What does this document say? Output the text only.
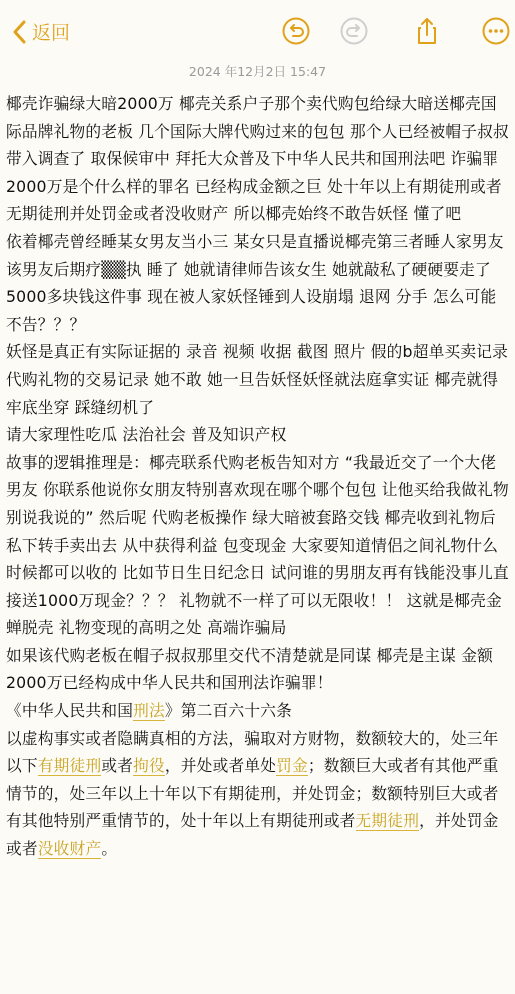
返回
2024 年12月2日 15:47

椰壳诈骗绿大暗2000万 椰壳关系户子那个卖代购包给绿大暗送椰壳国际品牌礼物的老板 几个国际大牌代购过来的包包 那个人已经被帽子叔叔带入调查了 取保候审中 拜托大众普及下中华人民共和国刑法吧 诈骗罪2000万是个什么样的罪名 已经构成金额之巨 处十年以上有期徒刑或者无期徒刑并处罚金或者没收财产 所以椰壳始终不敢告妖怪 懂了吧

依着椰壳曾经睡某女男友当小三 某女只是直播说椰壳第三者睡人家男友 该男友后期疗▒▒执 睡了 她就请律师告该女生 她就敲私了硬硬要走了5000多块钱这件事 现在被人家妖怪锤到人设崩塌 退网 分手 怎么可能不告？？？

妖怪是真正有实际证据的 录音 视频 收据 截图 照片 假的b超单买卖记录 代购礼物的交易记录 她不敢 她一旦告妖怪妖怪就法庭拿实证 椰壳就得牢底坐穿 踩缝纫机了

请大家理性吃瓜 法治社会 普及知识产权

故事的逻辑推理是：椰壳联系代购老板告知对方 “我最近交了一个大佬男友 你联系他说你女朋友特别喜欢现在哪个哪个包包 让他买给我做礼物 别说我说的” 然后呢 代购老板操作 绿大暗被套路交钱 椰壳收到礼物后私下转手卖出去 从中获得利益 包变现金 大家要知道情侣之间礼物什么时候都可以收的 比如节日生日纪念日 试问谁的男朋友再有钱能没事儿直接送1000万现金？？？ 礼物就不一样了可以无限收！！ 这就是椰壳金蝉脱壳 礼物变现的高明之处 高端诈骗局

如果该代购老板在帽子叔叔那里交代不清楚就是同谋 椰壳是主谋 金额2000万已经构成中华人民共和国刑法诈骗罪！

《中华人民共和国刑法》第二百六十六条

以虚构事实或者隐瞒真相的方法，骗取对方财物，数额较大的，处三年以下有期徒刑或者拘役，并处或者单处罚金；数额巨大或者有其他严重情节的，处三年以上十年以下有期徒刑，并处罚金；数额特别巨大或者有其他特别严重情节的，处十年以上有期徒刑或者无期徒刑，并处罚金或者没收财产。
